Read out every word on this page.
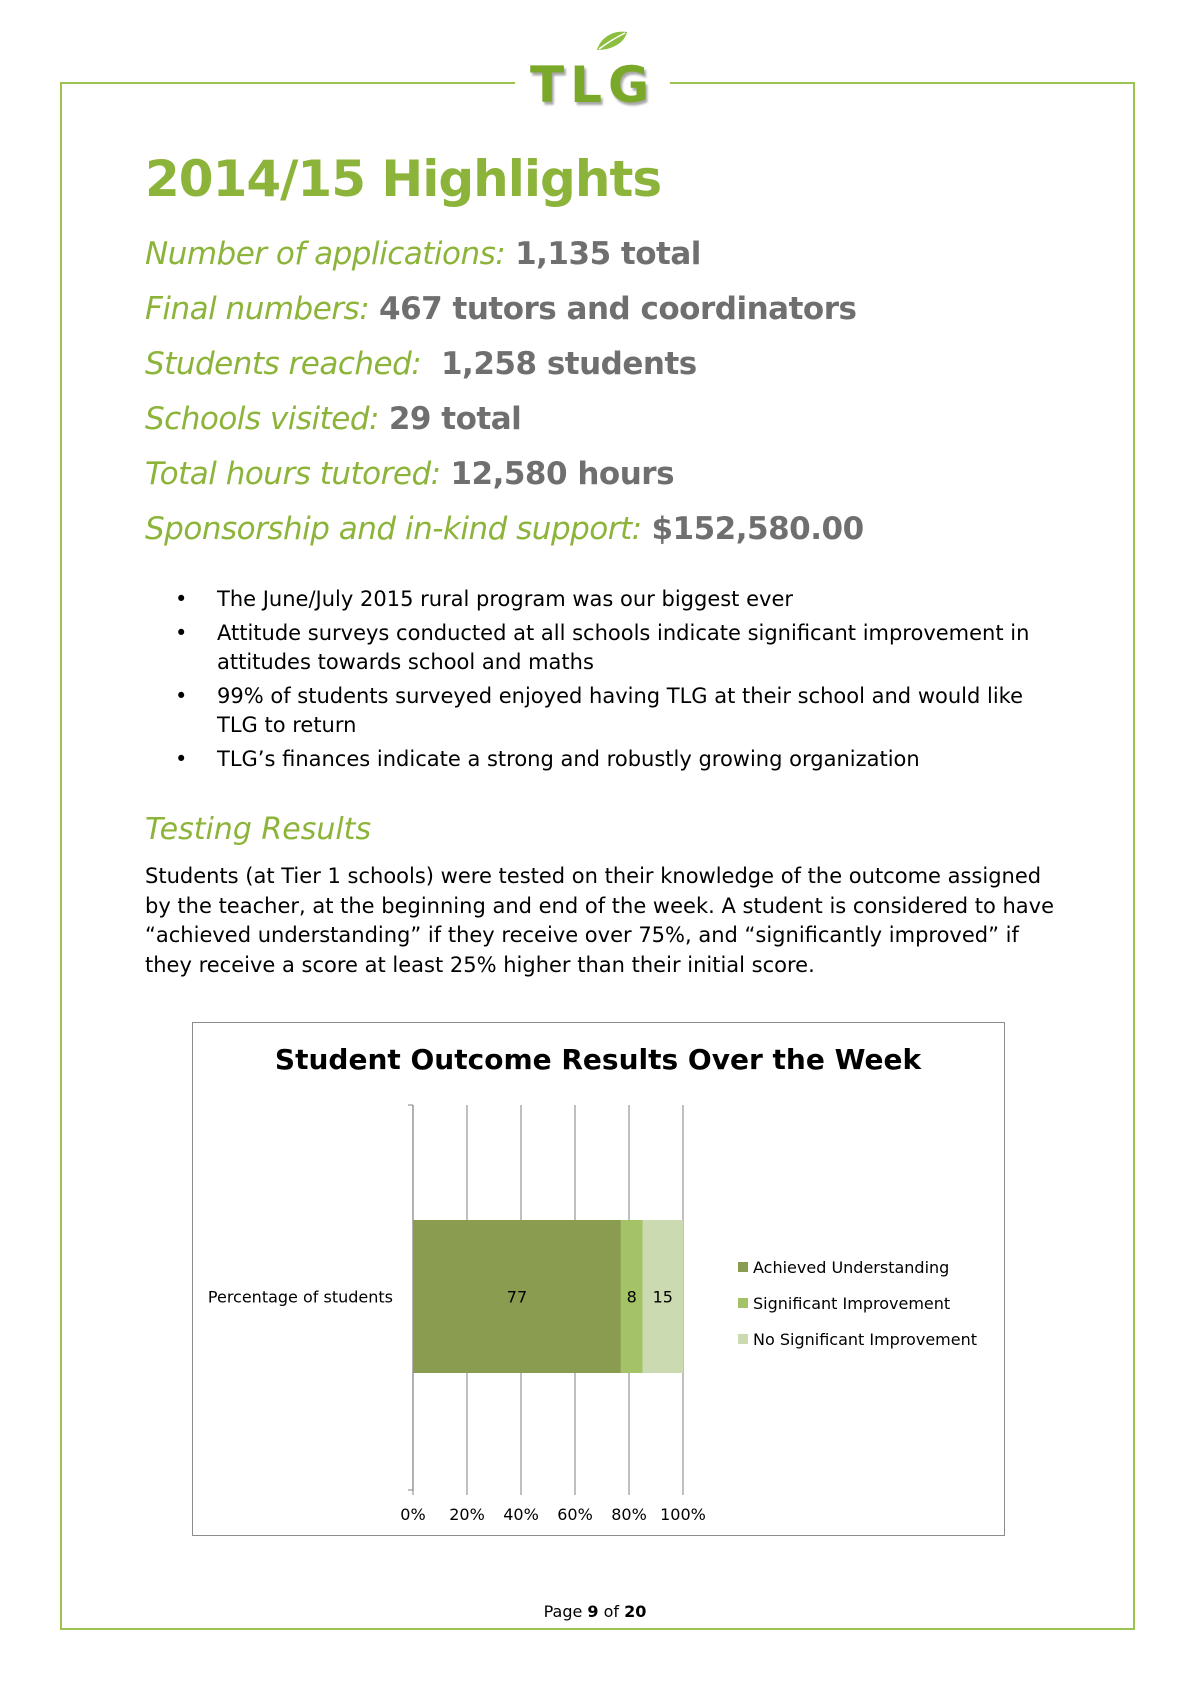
TLG
2014/15 Highlights
Number of applications: 1,135 total
Final numbers: 467 tutors and coordinators
Students reached: 1,258 students
Schools visited: 29 total
Total hours tutored: 12,580 hours
Sponsorship and in-kind support: $152,580.00
• The June/July 2015 rural program was our biggest ever
• Attitude surveys conducted at all schools indicate significant improvement in attitudes towards school and maths
• 99% of students surveyed enjoyed having TLG at their school and would like TLG to return
• TLG’s finances indicate a strong and robustly growing organization
Testing Results

Students (at Tier 1 schools) were tested on their knowledge of the outcome assigned by the teacher, at the beginning and end of the week. A student is considered to have “achieved understanding” if they receive over 75%, and “significantly improved” if they receive a score at least 25% higher than their initial score.

Student Outcome Results Over the Week
0% 20% 40% 60% 80% 100%
77	8 15
Percentage of students
Achieved Understanding
Significant Improvement
No Significant Improvement
Page 9 of 20
